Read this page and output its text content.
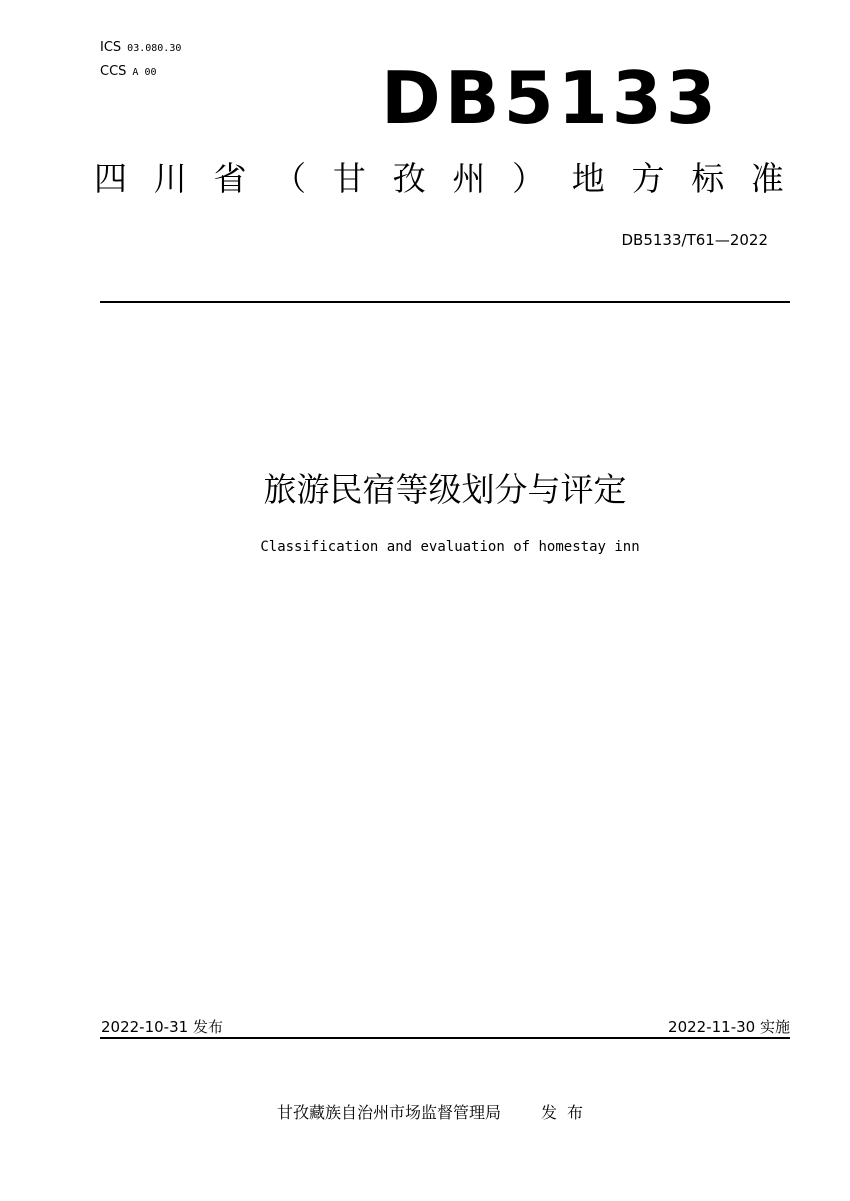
ICS 03.080.30
CCS A 00	DB5133
四 川 省 （ 甘 孜 州 ） 地 方 标 准
DB5133/T61—2022
旅游民宿等级划分与评定
Classification and evaluation of homestay inn
2022-10-31 发布	2022-11-30 实施
甘孜藏族自治州市场监督管理局	发布
